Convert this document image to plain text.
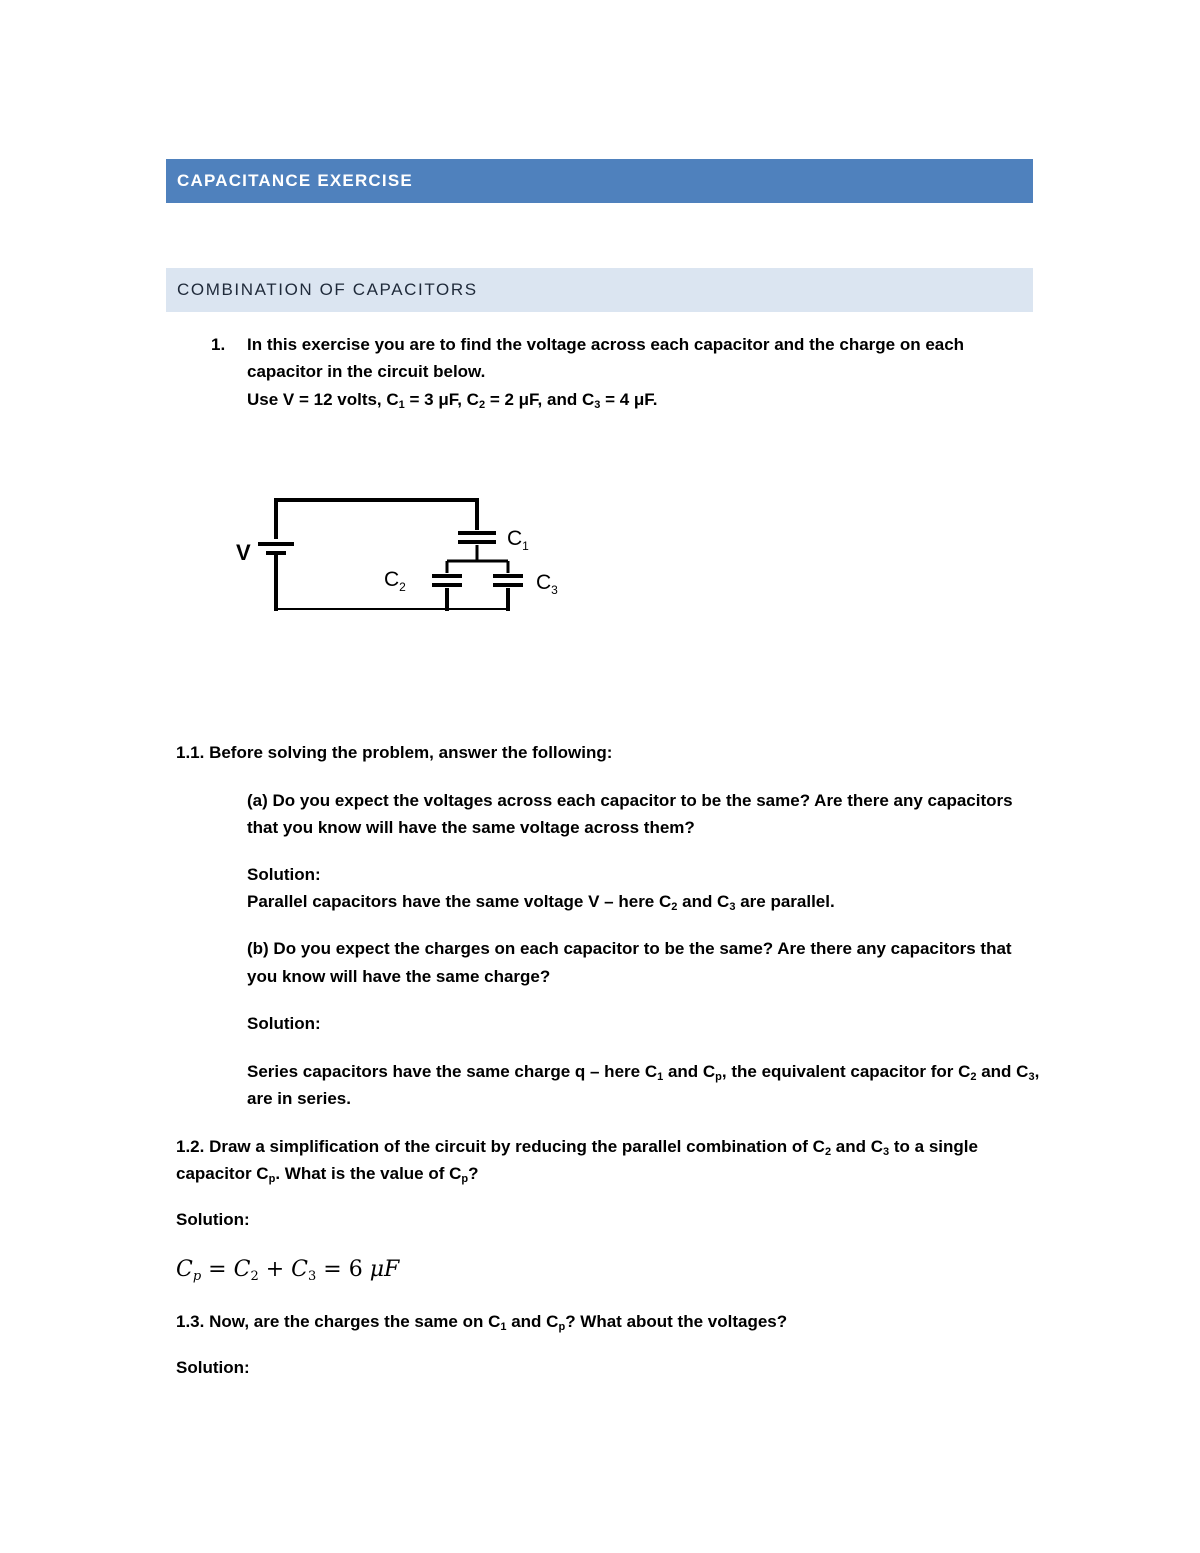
CAPACITANCE EXERCISE
COMBINATION OF CAPACITORS
1. In this exercise you are to find the voltage across each capacitor and the charge on each
capacitor in the circuit below.
Use V = 12 volts, $C_1 = 3$ μF, $C_2 = 2$ μF, and $C_3 = 4$ μF.
V
$C_1$
$C_2$	$C_3$
1.1. Before solving the problem, answer the following:
(a) Do you expect the voltages across each capacitor to be the same? Are there any capacitors
that you know will have the same voltage across them?
Solution:
Parallel capacitors have the same voltage V – here $C_2$ and $C_3$ are parallel.
(b) Do you expect the charges on each capacitor to be the same? Are there any capacitors that
you know will have the same charge?
Solution:
Series capacitors have the same charge q – here $C_1$ and $C_p$, the equivalent capacitor for $C_2$ and $C_3$,
are in series.
1.2. Draw a simplification of the circuit by reducing the parallel combination of $C_2$ and $C_3$ to a single
capacitor $C_p$. What is the value of $C_p$?
Solution:
$C_p = C_2 + C_3 = 6$ μF
1.3. Now, are the charges the same on $C_1$ and $C_p$? What about the voltages?
Solution:
